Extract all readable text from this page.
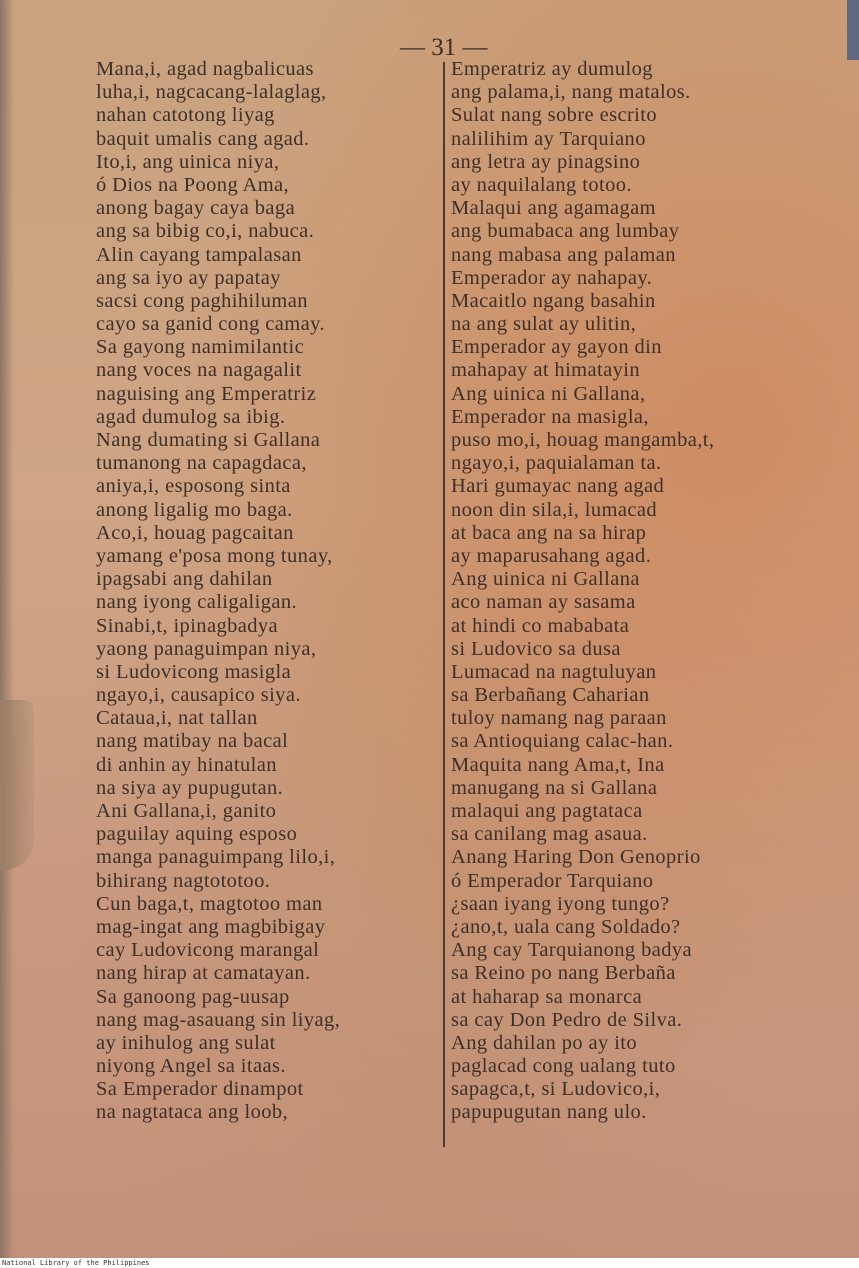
— 31 —
Mana,i, agad nagbalicuas
luha,i, nagcacang-lalaglag,
nahan catotong liyag
baquit umalis cang agad.
Ito,i, ang uinica niya,
ó Dios na Poong Ama,
anong bagay caya baga
ang sa bibig co,i, nabuca.
Alin cayang tampalasan
ang sa iyo ay papatay
sacsi cong paghihiluman
cayo sa ganid cong camay.
Sa gayong namimilantic
nang voces na nagagalit
naguising ang Emperatriz
agad dumulog sa ibig.
Nang dumating si Gallana
tumanong na capagdaca,
aniya,i, esposong sinta
anong ligalig mo baga.
Aco,i, houag pagcaitan
yamang e'posa mong tunay,
ipagsabi ang dahilan
nang iyong caligaligan.
Sinabi,t, ipinagbadya
yaong panaguimpan niya,
si Ludovicong masigla
ngayo,i, causapico siya.
Cataua,i, nat tallan
nang matibay na bacal
di anhin ay hinatulan
na siya ay pupugutan.
Ani Gallana,i, ganito
paguilay aquing esposo
manga panaguimpang lilo,i,
bihirang nagtototoo.
Cun baga,t, magtotoo man
mag-ingat ang magbibigay
cay Ludovicong marangal
nang hirap at camatayan.
Sa ganoong pag-uusap
nang mag-asauang sin liyag,
ay inihulog ang sulat
niyong Angel sa itaas.
Sa Emperador dinampot
na nagtataca ang loob,
Emperatriz ay dumulog
ang palama,i, nang matalos.
Sulat nang sobre escrito
nalilihim ay Tarquiano
ang letra ay pinagsino
ay naquilalang totoo.
Malaqui ang agamagam
ang bumabaca ang lumbay
nang mabasa ang palaman
Emperador ay nahapay.
Macaitlo ngang basahin
na ang sulat ay ulitin,
Emperador ay gayon din
mahapay at himatayin
Ang uinica ni Gallana,
Emperador na masigla,
puso mo,i, houag mangamba,t,
ngayo,i, paquialaman ta.
Hari gumayac nang agad
noon din sila,i, lumacad
at baca ang na sa hirap
ay maparusahang agad.
Ang uinica ni Gallana
aco naman ay sasama
at hindi co mababata
si Ludovico sa dusa
Lumacad na nagtuluyan
sa Berbañang Caharian
tuloy namang nag paraan
sa Antioquiang calac-han.
Maquita nang Ama,t, Ina
manugang na si Gallana
malaqui ang pagtataca
sa canilang mag asaua.
Anang Haring Don Genoprio
ó Emperador Tarquiano
¿saan iyang iyong tungo?
¿ano,t, uala cang Soldado?
Ang cay Tarquianong badya
sa Reino po nang Berbaña
at haharap sa monarca
sa cay Don Pedro de Silva.
Ang dahilan po ay ito
paglacad cong ualang tuto
sapagca,t, si Ludovico,i,
papupugutan nang ulo.
National Library of the Philippines
